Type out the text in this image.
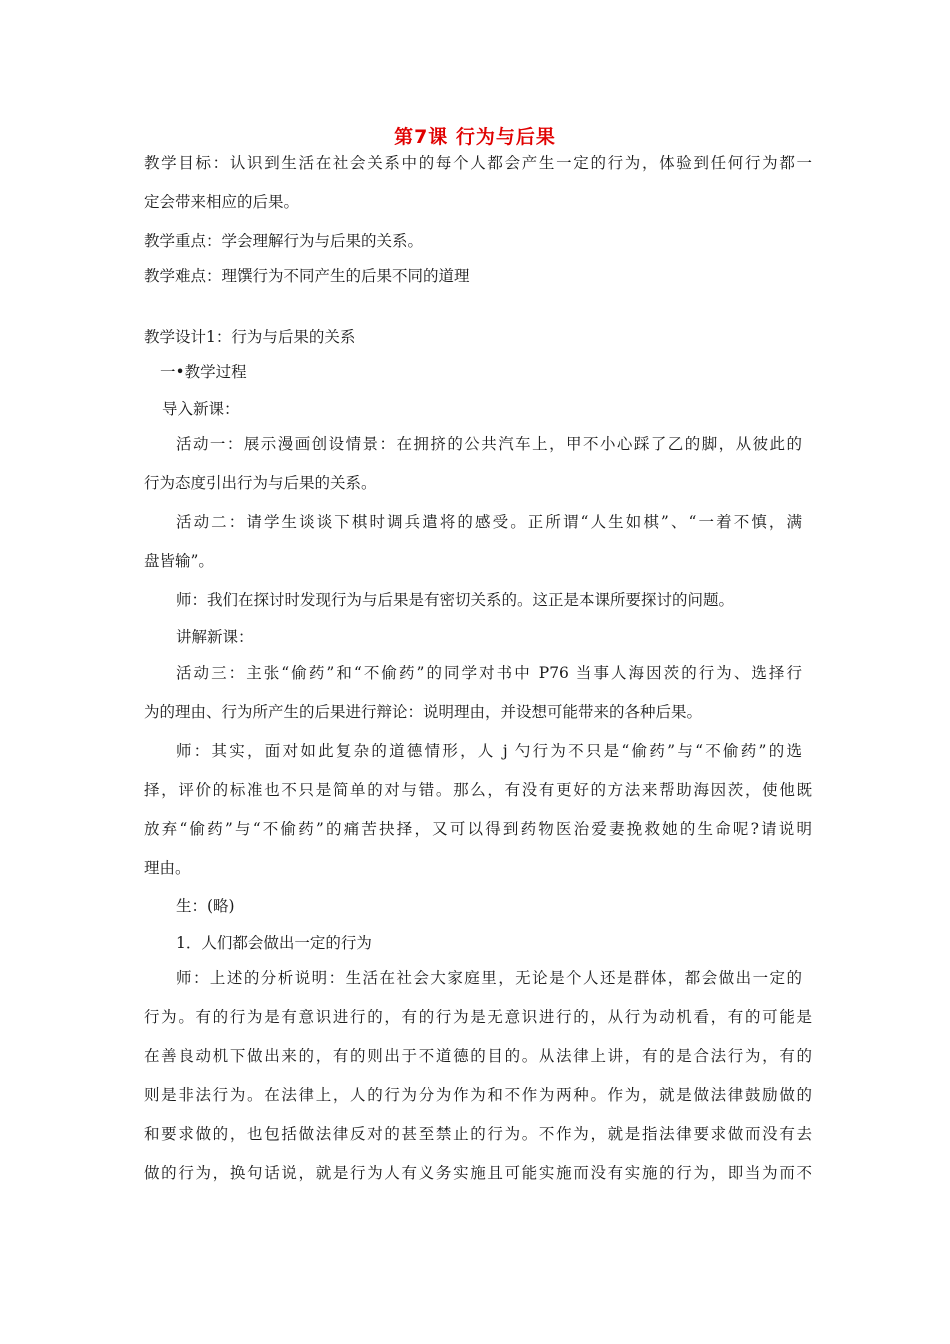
第7课 行为与后果
教学目标：认识到生活在社会关系中的每个人都会产生一定的行为，体验到任何行为都一
定会带来相应的后果。
教学重点：学会理解行为与后果的关系。
教学难点：理馔行为不同产生的后果不同的道理
教学设计1：行为与后果的关系
一•教学过程
导入新课：
活动一：展示漫画创设情景：在拥挤的公共汽车上，甲不小心踩了乙的脚，从彼此的
行为态度引出行为与后果的关系。
活动二：请学生谈谈下棋时调兵遣将的感受。正所谓“人生如棋”、“一着不慎，满
盘皆输”。
师：我们在探讨时发现行为与后果是有密切关系的。这正是本课所要探讨的问题。
讲解新课：
活动三：主张“偷药”和“不偷药”的同学对书中 P76 当事人海因茨的行为、选择行
为的理由、行为所产生的后果进行辩论：说明理由，并设想可能带来的各种后果。
师：其实，面对如此复杂的道德情形，人 j 勺行为不只是“偷药”与“不偷药”的选
择，评价的标准也不只是简单的对与错。那么，有没有更好的方法来帮助海因茨，使他既
放弃“偷药”与“不偷药”的痛苦抉择，又可以得到药物医治爱妻挽救她的生命呢?请说明
理由。
生：(略)
1．人们都会做出一定的行为
师：上述的分析说明：生活在社会大家庭里，无论是个人还是群体，都会做出一定的
行为。有的行为是有意识进行的，有的行为是无意识进行的，从行为动机看，有的可能是
在善良动机下做出来的，有的则出于不道德的目的。从法律上讲，有的是合法行为，有的
则是非法行为。在法律上，人的行为分为作为和不作为两种。作为，就是做法律鼓励做的
和要求做的，也包括做法律反对的甚至禁止的行为。不作为，就是指法律要求做而没有去
做的行为，换句话说，就是行为人有义务实施且可能实施而没有实施的行为，即当为而不
